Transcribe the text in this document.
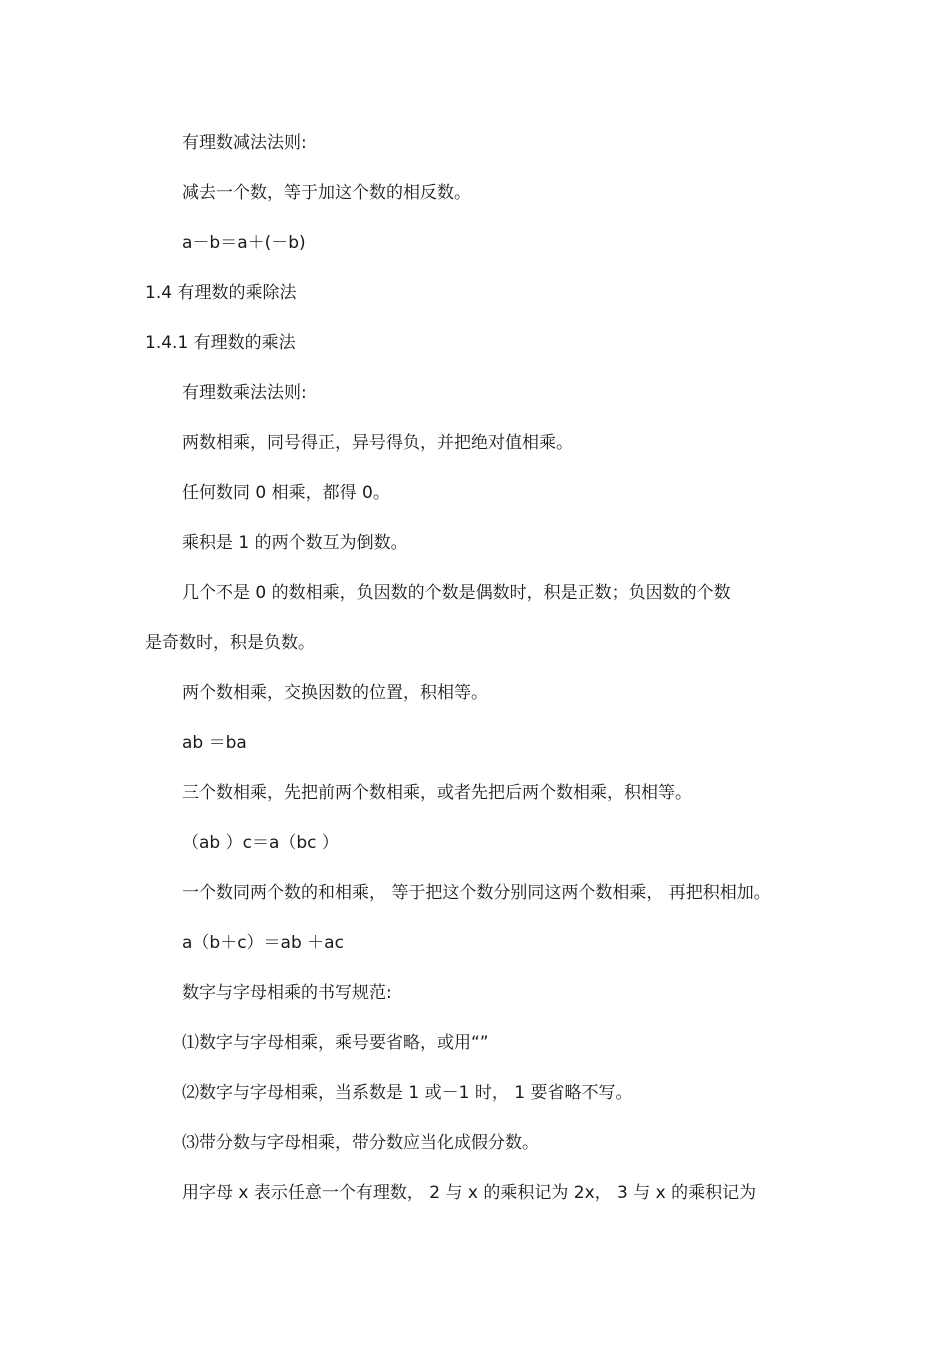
有理数减法法则:
减去一个数，等于加这个数的相反数。
a－b＝a＋(－b)
1.4 有理数的乘除法
1.4.1 有理数的乘法
有理数乘法法则:
两数相乘，同号得正，异号得负，并把绝对值相乘。
任何数同 0 相乘，都得 0。
乘积是 1 的两个数互为倒数。
几个不是 0 的数相乘，负因数的个数是偶数时，积是正数；负因数的个数
是奇数时，积是负数。
两个数相乘，交换因数的位置，积相等。
ab ＝ba
三个数相乘，先把前两个数相乘，或者先把后两个数相乘，积相等。
（ab ）c＝a（bc ）
一个数同两个数的和相乘， 等于把这个数分别同这两个数相乘， 再把积相加。
a（b＋c）＝ab ＋ac
数字与字母相乘的书写规范:
⑴数字与字母相乘，乘号要省略，或用“”
⑵数字与字母相乘，当系数是 1 或－1 时， 1 要省略不写。
⑶带分数与字母相乘，带分数应当化成假分数。
用字母 x 表示任意一个有理数， 2 与 x 的乘积记为 2x， 3 与 x 的乘积记为
